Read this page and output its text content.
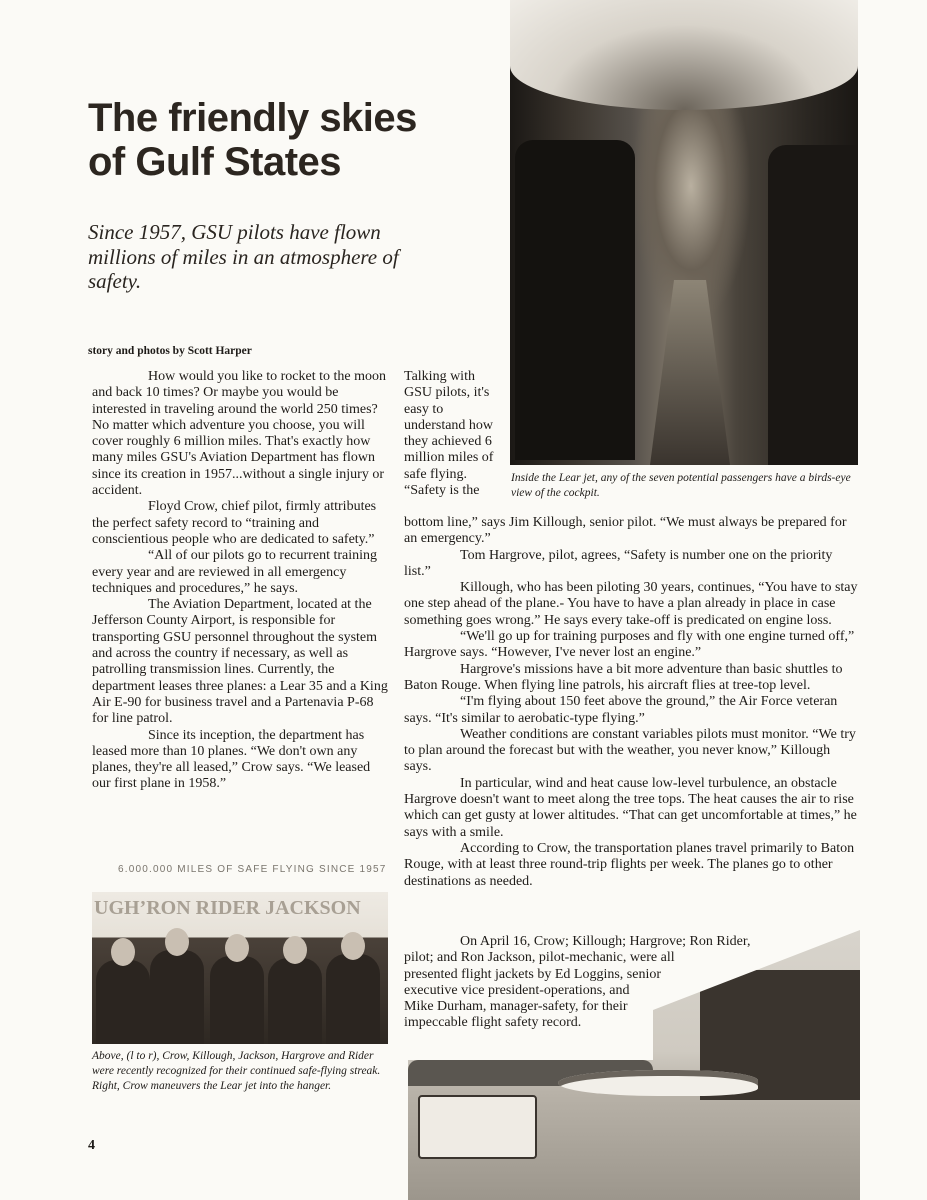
The friendly skies
of Gulf States
Since 1957, GSU pilots have flown millions of miles in an atmosphere of safety.
story and photos by Scott Harper

How would you like to rocket to the moon and back 10 times? Or maybe you would be interested in traveling around the world 250 times? No matter which adventure you choose, you will cover roughly 6 million miles. That's exactly how many miles GSU's Aviation Department has flown since its creation in 1957...without a single injury or accident.

Floyd Crow, chief pilot, firmly attributes the perfect safety record to “training and conscientious people who are dedicated to safety.”

“All of our pilots go to recurrent training every year and are reviewed in all emergency techniques and procedures,” he says.

The Aviation Department, located at the Jefferson County Airport, is responsible for transporting GSU personnel throughout the system and across the country if necessary, as well as patrolling transmission lines. Currently, the department leases three planes: a Lear 35 and a King Air E-90 for business travel and a Partenavia P-68 for line patrol.

Since its inception, the department has leased more than 10 planes. “We don't own any planes, they're all leased,” Crow says. “We leased our first plane in 1958.”

Talking with GSU pilots, it's easy to understand how they achieved 6 million miles of safe flying. “Safety is the

Inside the Lear jet, any of the seven potential passengers have a birds-eye view of the cockpit.

bottom line,” says Jim Killough, senior pilot. “We must always be prepared for an emergency.”

Tom Hargrove, pilot, agrees, “Safety is number one on the priority list.”

Killough, who has been piloting 30 years, continues, “You have to stay one step ahead of the plane.- You have to have a plan already in place in case something goes wrong.” He says every take-off is predicated on engine loss.

“We'll go up for training purposes and fly with one engine turned off,” Hargrove says. “However, I've never lost an engine.”

Hargrove's missions have a bit more adventure than basic shuttles to Baton Rouge. When flying line patrols, his aircraft flies at tree-top level.

“I'm flying about 150 feet above the ground,” the Air Force veteran says. “It's similar to aerobatic-type flying.”

Weather conditions are constant variables pilots must monitor. “We try to plan around the forecast but with the weather, you never know,” Killough says.

In particular, wind and heat cause low-level turbulence, an obstacle Hargrove doesn't want to meet along the tree tops. The heat causes the air to rise which can get gusty at lower altitudes. “That can get uncomfortable at times,” he says with a smile.

According to Crow, the transportation planes travel primarily to Baton Rouge, with at least three round-trip flights per week. The planes go to other destinations as needed.

On April 16, Crow; Killough; Hargrove; Ron Rider,
pilot; and Ron Jackson, pilot-mechanic, were all
presented flight jackets by Ed Loggins, senior
executive vice president-operations, and
Mike Durham, manager-safety, for their
impeccable flight safety record.
6.000.000 MILES OF SAFE FLYING SINCE 1957
UGH’RON RIDER JACKSON
Above, (l to r), Crow, Killough, Jackson, Hargrove and Rider were recently recognized for their continued safe-flying streak. Right, Crow maneuvers the Lear jet into the hanger.
4
